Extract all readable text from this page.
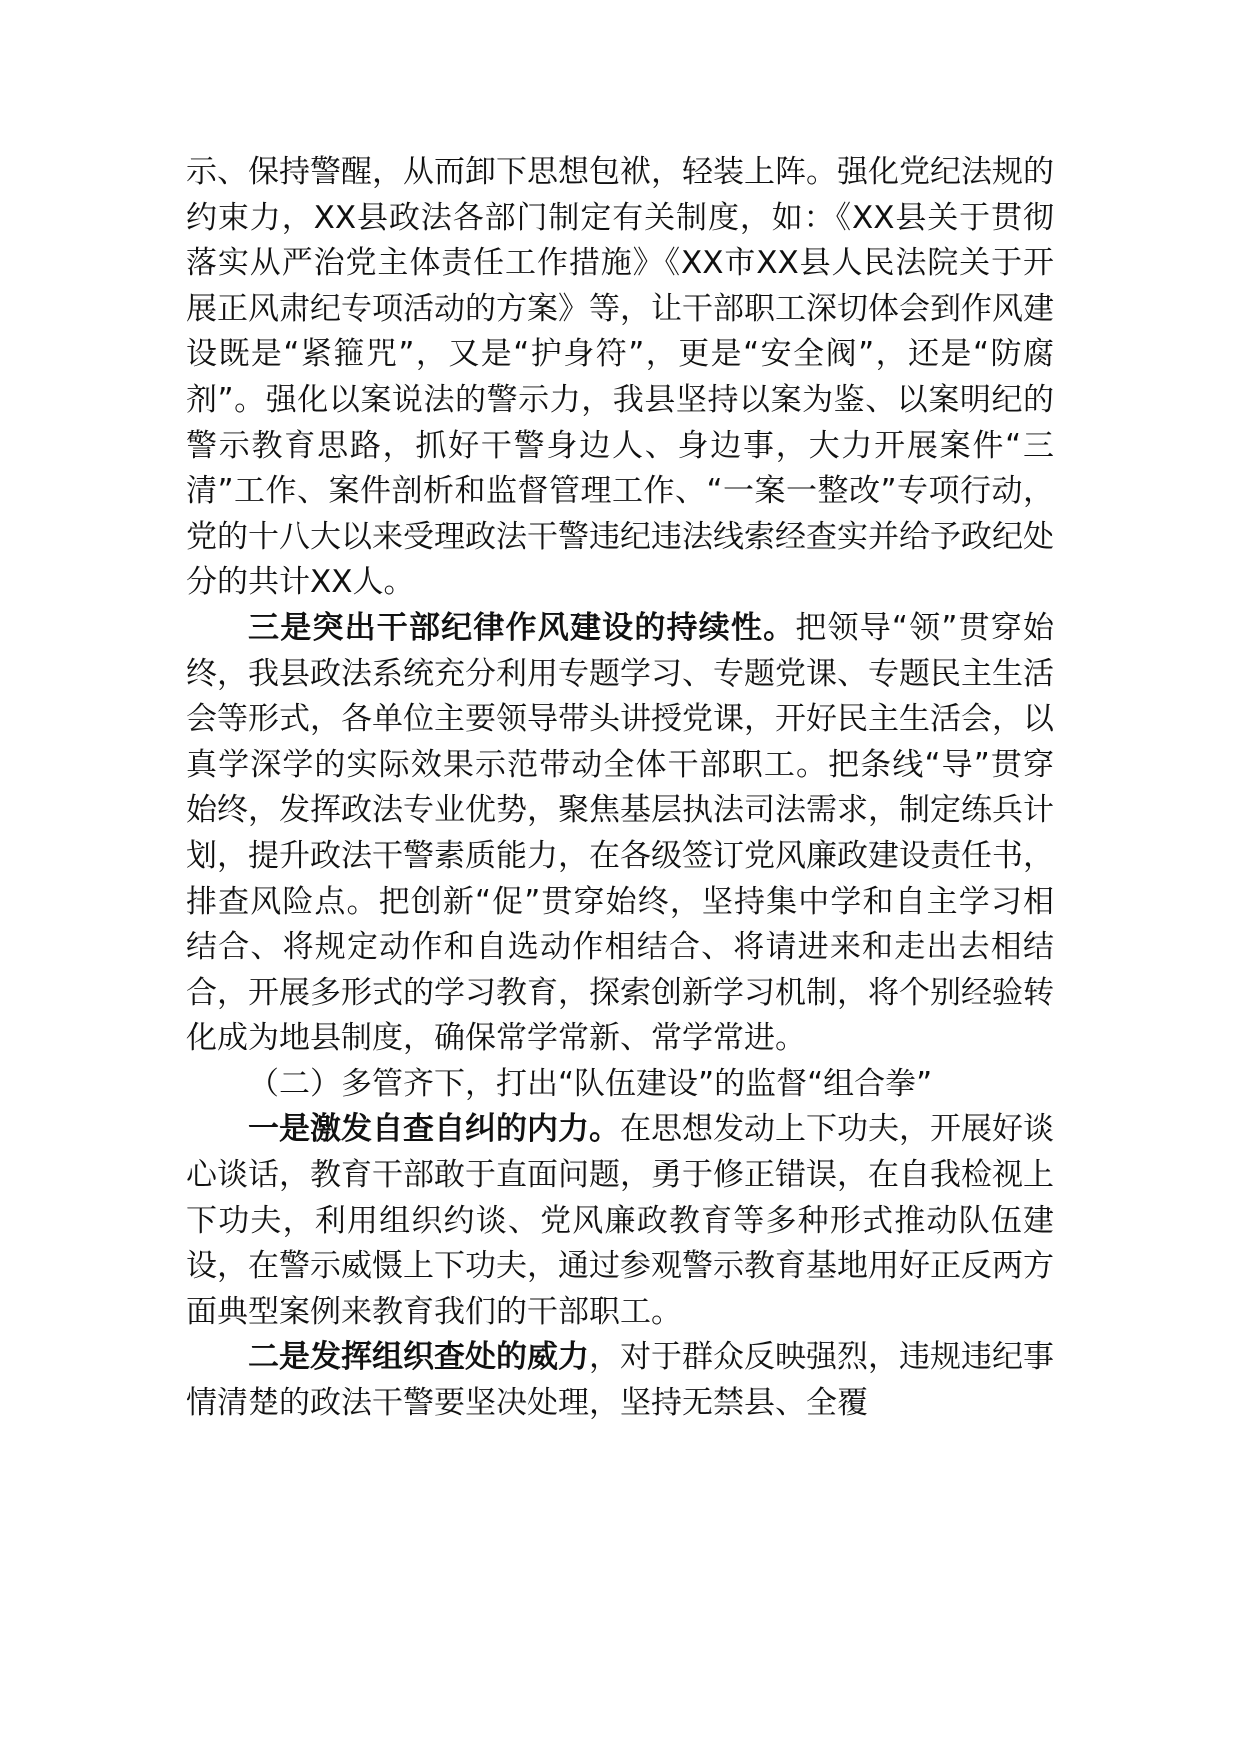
示、保持警醒，从而卸下思想包袱，轻装上阵。强化党纪法规的约束力，XX县政法各部门制定有关制度，如：《XX县关于贯彻落实从严治党主体责任工作措施》《XX市XX县人民法院关于开展正风肃纪专项活动的方案》等，让干部职工深切体会到作风建设既是“紧箍咒”，又是“护身符”，更是“安全阀”，还是“防腐剂”。强化以案说法的警示力，我县坚持以案为鉴、以案明纪的警示教育思路，抓好干警身边人、身边事，大力开展案件“三清”工作、案件剖析和监督管理工作、“一案一整改”专项行动，党的十八大以来受理政法干警违纪违法线索经查实并给予政纪处分的共计XX人。

三是突出干部纪律作风建设的持续性。把领导“领”贯穿始终，我县政法系统充分利用专题学习、专题党课、专题民主生活会等形式，各单位主要领导带头讲授党课，开好民主生活会，以真学深学的实际效果示范带动全体干部职工。把条线“导”贯穿始终，发挥政法专业优势，聚焦基层执法司法需求，制定练兵计划，提升政法干警素质能力，在各级签订党风廉政建设责任书，排查风险点。把创新“促”贯穿始终，坚持集中学和自主学习相结合、将规定动作和自选动作相结合、将请进来和走出去相结合，开展多形式的学习教育，探索创新学习机制，将个别经验转化成为地县制度，确保常学常新、常学常进。

（二）多管齐下，打出“队伍建设”的监督“组合拳”

一是激发自查自纠的内力。在思想发动上下功夫，开展好谈心谈话，教育干部敢于直面问题，勇于修正错误，在自我检视上下功夫，利用组织约谈、党风廉政教育等多种形式推动队伍建设，在警示威慑上下功夫，通过参观警示教育基地用好正反两方面典型案例来教育我们的干部职工。

二是发挥组织查处的威力，对于群众反映强烈，违规违纪事情清楚的政法干警要坚决处理，坚持无禁县、全覆
